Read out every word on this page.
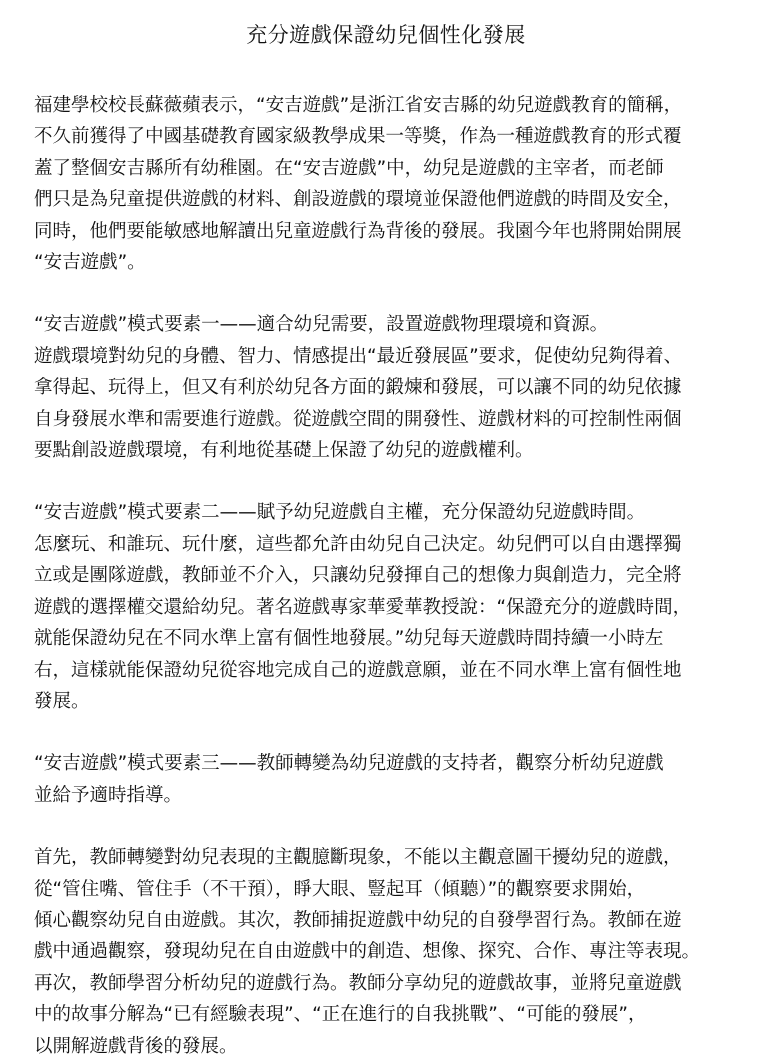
充分遊戲保證幼兒個性化發展

福建學校校長蘇薇蘋表示，“安吉遊戲”是浙江省安吉縣的幼兒遊戲教育的簡稱，
不久前獲得了中國基礎教育國家級教學成果一等獎，作為一種遊戲教育的形式覆
蓋了整個安吉縣所有幼稚園。在“安吉遊戲”中，幼兒是遊戲的主宰者，而老師
們只是為兒童提供遊戲的材料、創設遊戲的環境並保證他們遊戲的時間及安全，
同時，他們要能敏感地解讀出兒童遊戲行為背後的發展。我園今年也將開始開展
“安吉遊戲”。

“安吉遊戲”模式要素一——適合幼兒需要，設置遊戲物理環境和資源。
遊戲環境對幼兒的身體、智力、情感提出“最近發展區”要求，促使幼兒夠得着、
拿得起、玩得上，但又有利於幼兒各方面的鍛煉和發展，可以讓不同的幼兒依據
自身發展水準和需要進行遊戲。從遊戲空間的開發性、遊戲材料的可控制性兩個
要點創設遊戲環境，有利地從基礎上保證了幼兒的遊戲權利。

“安吉遊戲”模式要素二——賦予幼兒遊戲自主權，充分保證幼兒遊戲時間。
怎麼玩、和誰玩、玩什麼，這些都允許由幼兒自己決定。幼兒們可以自由選擇獨
立或是團隊遊戲，教師並不介入，只讓幼兒發揮自己的想像力與創造力，完全將
遊戲的選擇權交還給幼兒。著名遊戲專家華愛華教授說：“保證充分的遊戲時間，
就能保證幼兒在不同水準上富有個性地發展。”幼兒每天遊戲時間持續一小時左
右，這樣就能保證幼兒從容地完成自己的遊戲意願，並在不同水準上富有個性地
發展。

“安吉遊戲”模式要素三——教師轉變為幼兒遊戲的支持者，觀察分析幼兒遊戲
並給予適時指導。

首先，教師轉變對幼兒表現的主觀臆斷現象，不能以主觀意圖干擾幼兒的遊戲，
從“管住嘴、管住手（不干預），睜大眼、豎起耳（傾聽）”的觀察要求開始，
傾心觀察幼兒自由遊戲。其次，教師捕捉遊戲中幼兒的自發學習行為。教師在遊
戲中通過觀察，發現幼兒在自由遊戲中的創造、想像、探究、合作、專注等表現。
再次，教師學習分析幼兒的遊戲行為。教師分享幼兒的遊戲故事，並將兒童遊戲
中的故事分解為“已有經驗表現”、“正在進行的自我挑戰”、“可能的發展”，
以開解遊戲背後的發展。
